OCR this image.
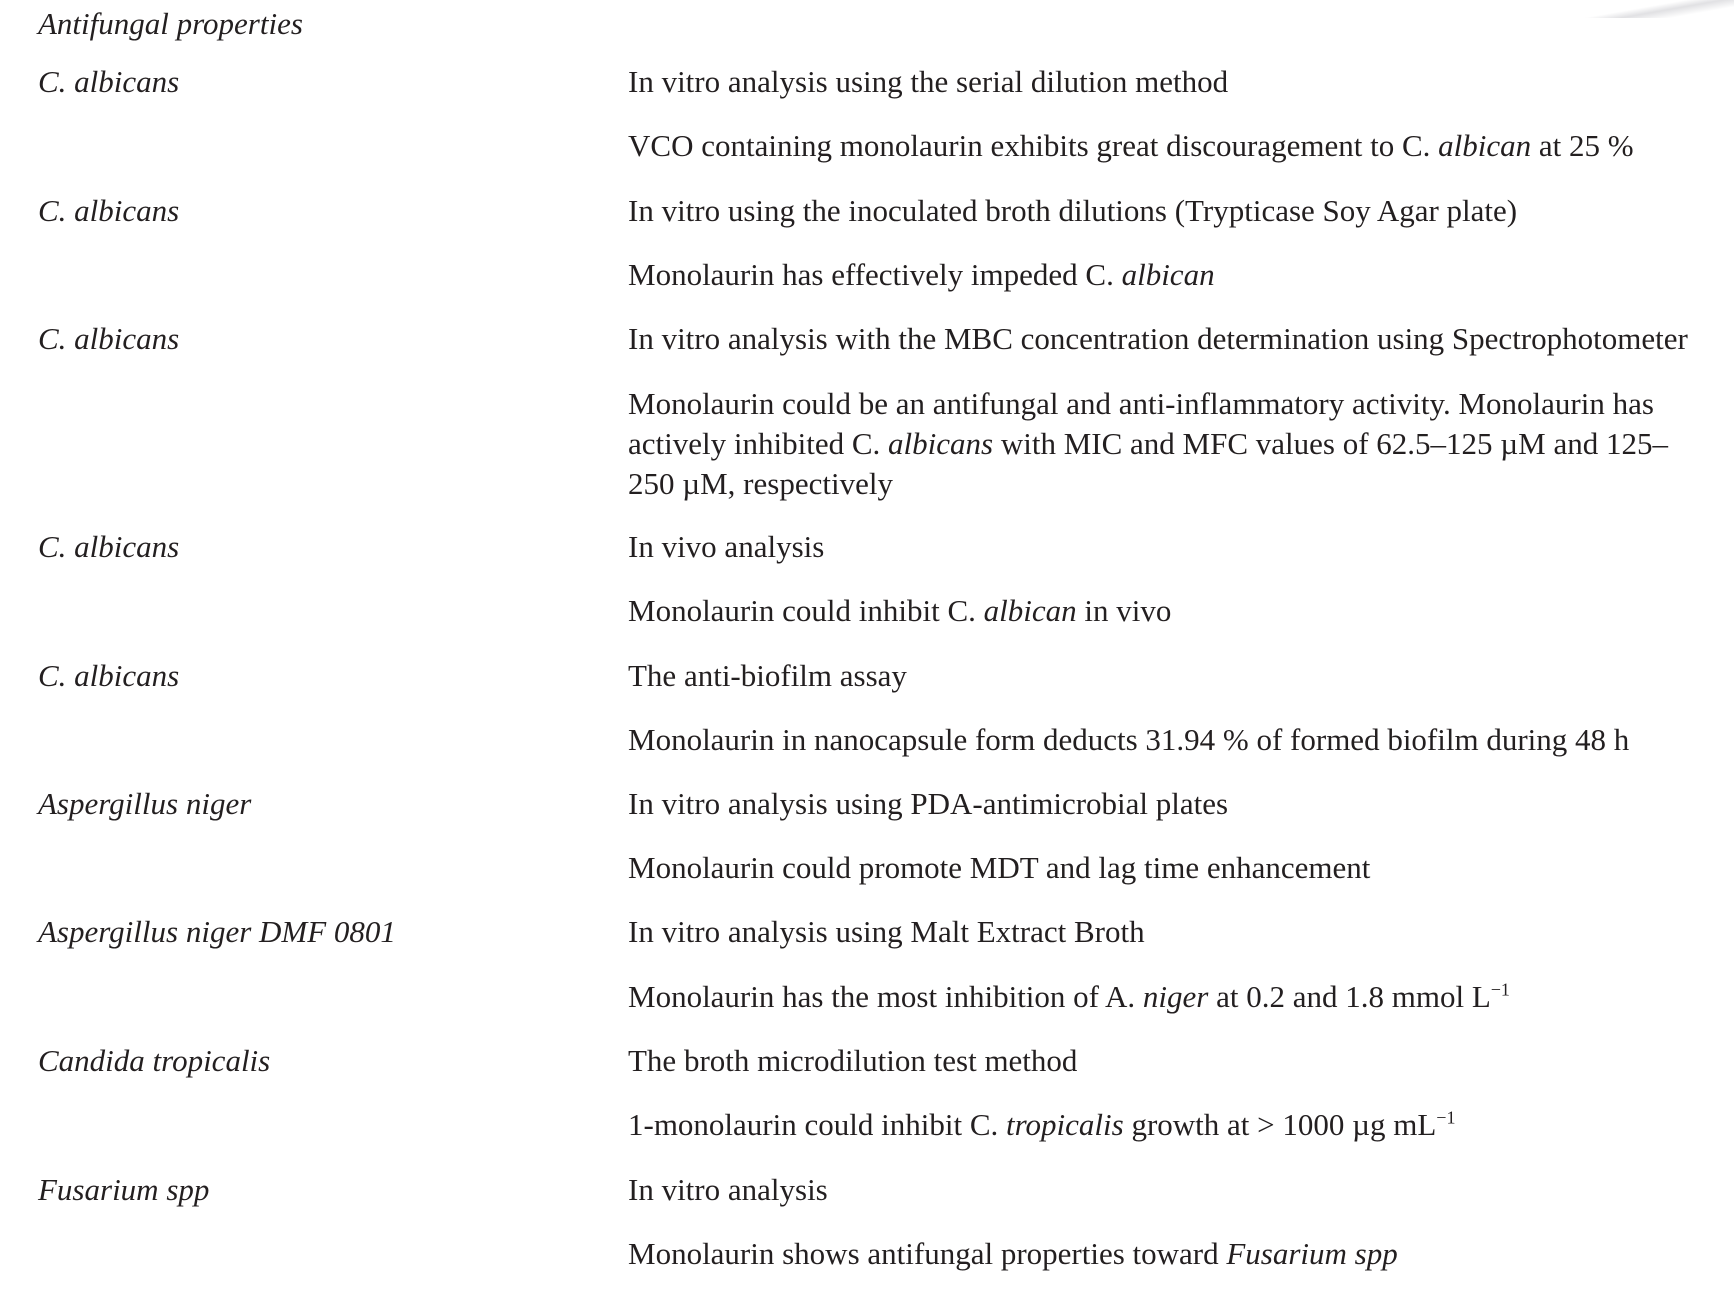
Antifungal properties
C. albicans	In vitro analysis using the serial dilution method
VCO containing monolaurin exhibits great discouragement to C. albican at 25 %
C. albicans	In vitro using the inoculated broth dilutions (Trypticase Soy Agar plate)
Monolaurin has effectively impeded C. albican
C. albicans	In vitro analysis with the MBC concentration determination using Spectrophotometer
Monolaurin could be an antifungal and anti-inflammatory activity. Monolaurin has actively inhibited C. albicans with MIC and MFC values of 62.5–125 µM and 125–250 µM, respectively
C. albicans	In vivo analysis
Monolaurin could inhibit C. albican in vivo
C. albicans	The anti-biofilm assay
Monolaurin in nanocapsule form deducts 31.94 % of formed biofilm during 48 h
Aspergillus niger	In vitro analysis using PDA-antimicrobial plates
Monolaurin could promote MDT and lag time enhancement
Aspergillus niger DMF 0801	In vitro analysis using Malt Extract Broth
Monolaurin has the most inhibition of A. niger at 0.2 and 1.8 mmol $L^{-1}$
Candida tropicalis	The broth microdilution test method
1-monolaurin could inhibit C. tropicalis growth at > 1000 µg $mL^{-1}$
Fusarium spp	In vitro analysis
Monolaurin shows antifungal properties toward Fusarium spp
